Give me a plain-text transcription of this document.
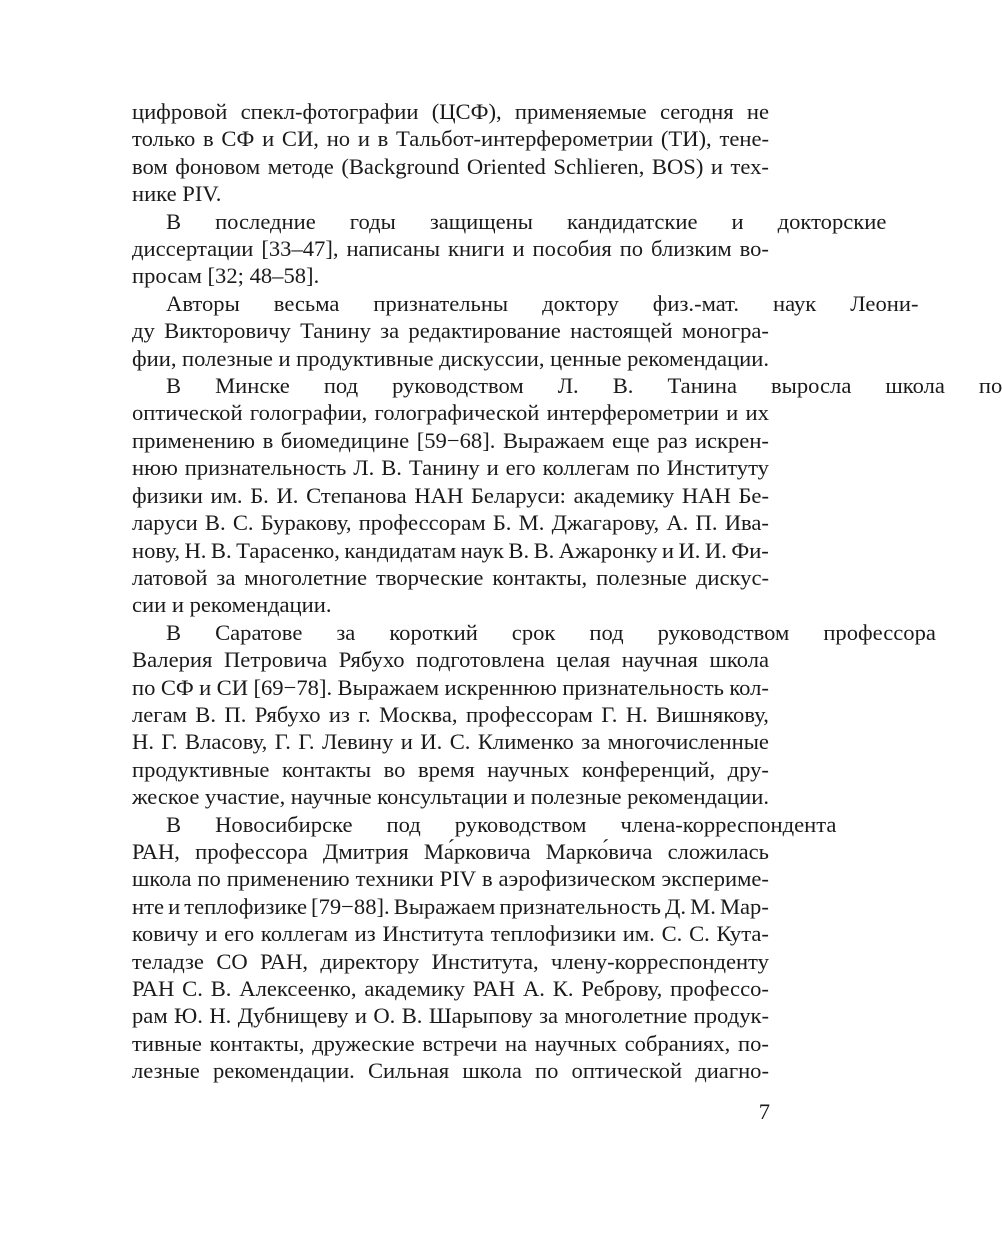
цифровой спекл-фотографии (ЦСФ), применяемые сегодня не
только в СФ и СИ, но и в Тальбот-интерферометрии (ТИ), тене-
вом фоновом методе (Background Oriented Schlieren, BOS) и тех-
нике PIV.

В	последние	годы	защищены	кандидатские	и	докторские
диссертации [33–47], написаны книги и пособия по близким во-
просам [32; 48–58].

Авторы	весьма	признательны	доктору	физ.-мат.	наук	Леони-
ду Викторовичу Танину за редактирование настоящей моногра-
фии, полезные и продуктивные дискуссии, ценные рекомендации.

В	Минске	под	руководством	Л.	В.	Танина	выросла	школа	по
оптической голографии, голографической интерферометрии и их
применению в биомедицине [59−68]. Выражаем еще раз искрен-
нюю признательность Л. В. Танину и его коллегам по Институту
физики им. Б. И. Степанова НАН Беларуси: академику НАН Бе-
ларуси В. С. Буракову, профессорам Б. М. Джагарову, А. П. Ива-
нову, Н. В. Тарасенко, кандидатам наук В. В. Ажаронку и И. И. Фи-
латовой за многолетние творческие контакты, полезные дискус-
сии и рекомендации.

В	Саратове	за	короткий	срок	под	руководством	профессора
Валерия Петровича Рябухо подготовлена целая научная школа
по СФ и СИ [69−78]. Выражаем искреннюю признательность кол-
легам В. П. Рябухо из г. Москва, профессорам Г. Н. Вишнякову,
Н. Г. Власову, Г. Г. Левину и И. С. Клименко за многочисленные
продуктивные контакты во время научных конференций, дру-
жеское участие, научные консультации и полезные рекомендации.

В	Новосибирске	под	руководством	члена-корреспондента
РАН, профессора Дмитрия Ма́рковича Марко́вича сложилась
школа по применению техники PIV в аэрофизическом экспериме-
нте и теплофизике [79−88]. Выражаем признательность Д. М. Мар-
ковичу и его коллегам из Института теплофизики им. С. С. Кута-
теладзе СО РАН, директору Института, члену-корреспонденту
РАН С. В. Алексеенко, академику РАН А. К. Реброву, профессо-
рам Ю. Н. Дубнищеву и О. В. Шарыпову за многолетние продук-
тивные контакты, дружеские встречи на научных собраниях, по-
лезные рекомендации. Сильная школа по оптической диагно-

7
